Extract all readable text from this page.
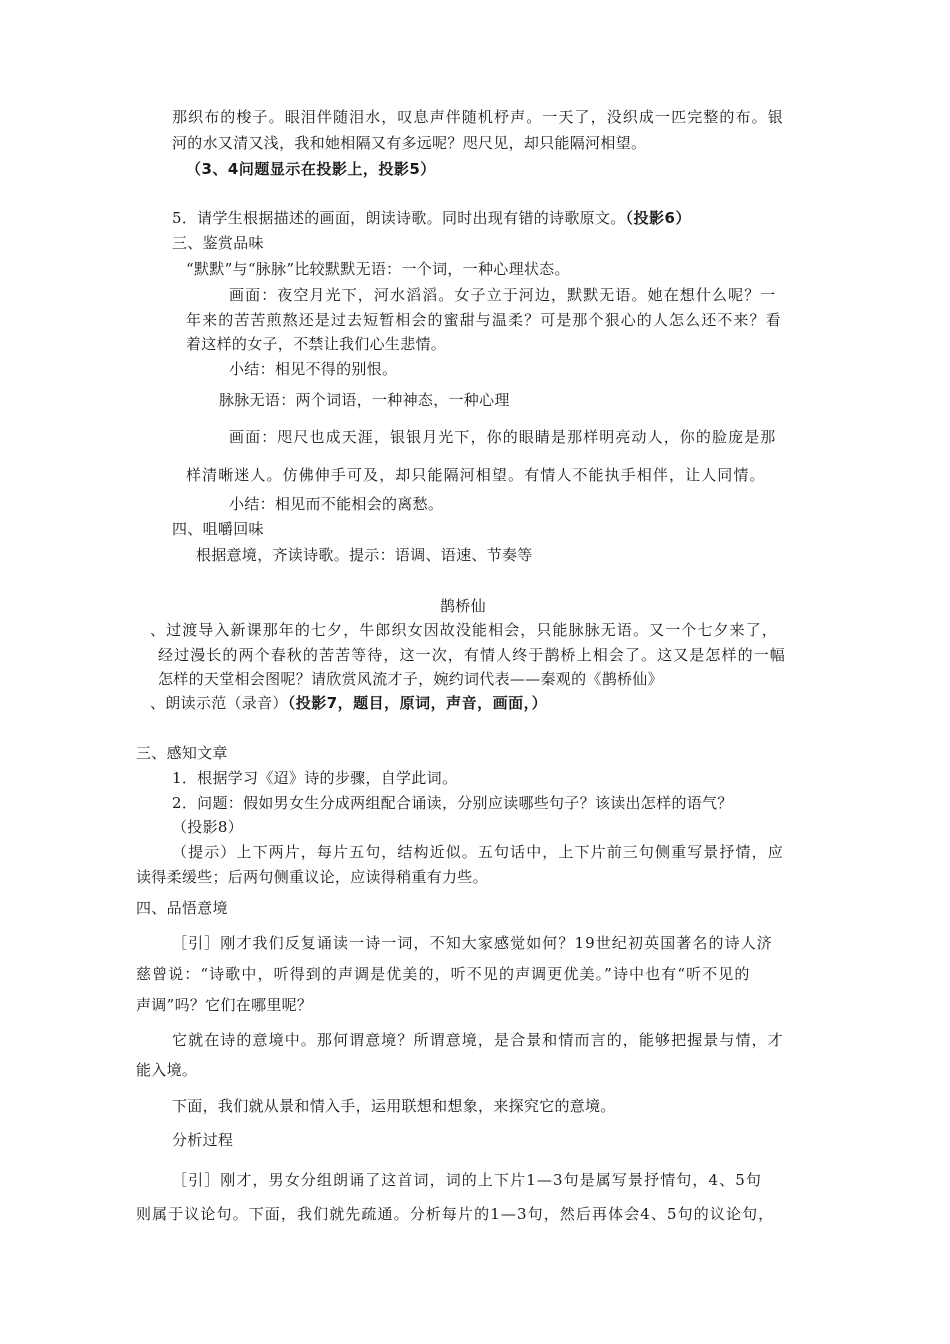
那织布的梭子。眼泪伴随泪水，叹息声伴随机杼声。一天了，没织成一匹完整的布。银
河的水又清又浅，我和她相隔又有多远呢？咫尺见，却只能隔河相望。
（3、4问题显示在投影上，投影5）
5．请学生根据描述的画面，朗读诗歌。同时出现有错的诗歌原文。（投影6）
三、鉴赏品味
“默默”与“脉脉”比较默默无语：一个词，一种心理状态。
画面：夜空月光下，河水滔滔。女子立于河边，默默无语。她在想什么呢？一
年来的苦苦煎熬还是过去短暂相会的蜜甜与温柔？可是那个狠心的人怎么还不来？看
着这样的女子，不禁让我们心生悲情。
小结：相见不得的别恨。
脉脉无语：两个词语，一种神态，一种心理
画面：咫尺也成天涯，银银月光下，你的眼睛是那样明亮动人，你的脸庞是那
样清晰迷人。仿佛伸手可及，却只能隔河相望。有情人不能执手相伴，让人同情。
小结：相见而不能相会的离愁。
四、咀嚼回味
根据意境，齐读诗歌。提示：语调、语速、节奏等
鹊桥仙
、过渡导入新课那年的七夕，牛郎织女因故没能相会，只能脉脉无语。又一个七夕来了，
经过漫长的两个春秋的苦苦等待，这一次，有情人终于鹊桥上相会了。这又是怎样的一幅
怎样的天堂相会图呢？请欣赏风流才子，婉约词代表——秦观的《鹊桥仙》
、朗读示范（录音）（投影7，题目，原词，声音，画面，）
三、感知文章
1．根据学习《迢》诗的步骤，自学此词。
2．问题：假如男女生分成两组配合诵读，分别应读哪些句子？该读出怎样的语气？
（投影8）
（提示）上下两片，每片五句，结构近似。五句话中，上下片前三句侧重写景抒情，应
读得柔缓些；后两句侧重议论，应读得稍重有力些。
四、品悟意境
［引］刚才我们反复诵读一诗一词，不知大家感觉如何？19世纪初英国著名的诗人济
慈曾说：“诗歌中，听得到的声调是优美的，听不见的声调更优美。”诗中也有“听不见的
声调”吗？它们在哪里呢？
它就在诗的意境中。那何谓意境？所谓意境，是合景和情而言的，能够把握景与情，才
能入境。
下面，我们就从景和情入手，运用联想和想象，来探究它的意境。
分析过程
［引］刚才，男女分组朗诵了这首词，词的上下片1—3句是属写景抒情句，4、5句
则属于议论句。下面，我们就先疏通。分析每片的1—3句，然后再体会4、5句的议论句，
